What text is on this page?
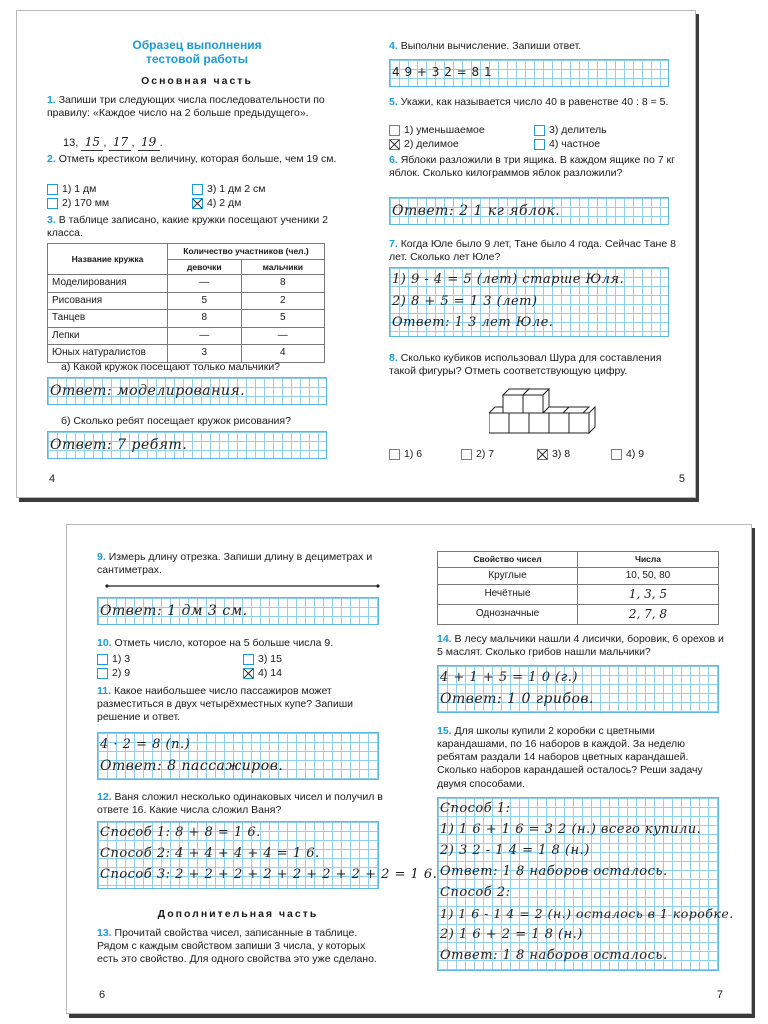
Образец выполнения
тестовой работы
Основная часть
1. Запиши три следующих числа последовательности по правилу: «Каждое число на 2 больше предыдущего».
13, 15 , 17 , 19 .
2. Отметь крестиком величину, которая больше, чем 19 см.
1) 1 дм
2) 170 мм
3) 1 дм 2 см
4) 2 дм
3. В таблице записано, какие кружки посещают ученики 2 класса.
Название кружка	Количество участников (чел.)	
	девочки	мальчики
Моделирования	—	8
Рисования	5	2
Танцев	8	5
Лепки	—	—
Юных натуралистов	3	4
а) Какой кружок посещают только мальчики?
Ответ: моделирования.
б) Сколько ребят посещает кружок рисования?
Ответ: 7 ребят.
4
4. Выполни вычисление. Запиши ответ.
4 9 + 3 2 = 8 1
5. Укажи, как называется число 40 в равенстве 40 : 8 = 5.
1) уменьшаемое
2) делимое
3) делитель
4) частное
6. Яблоки разложили в три ящика. В каждом ящике по 7 кг яблок. Сколько килограммов яблок разложили?
Ответ: 2 1 кг яблок.
7. Когда Юле было 9 лет, Тане было 4 года. Сейчас Тане 8 лет. Сколько лет Юле?
1) 9 - 4 = 5 (лет) старше Юля.
2) 8 + 5 = 1 3 (лет)
Ответ: 1 3 лет Юле.
8. Сколько кубиков использовал Шура для составления такой фигуры? Отметь соответствующую цифру.
1) 6	2) 7	3) 8	4) 9
5
9. Измерь длину отрезка. Запиши длину в дециметрах и сантиметрах.
Ответ: 1 дм 3 см.
10. Отметь число, которое на 5 больше числа 9.
1) 3
2) 9
3) 15
4) 14
11. Какое наибольшее число пассажиров может разместиться в двух четырёхместных купе? Запиши решение и ответ.
4 · 2 = 8 (п.)
Ответ: 8 пассажиров.
12. Ваня сложил несколько одинаковых чисел и получил в ответе 16. Какие числа сложил Ваня?
Способ 1: 8 + 8 = 1 6.
Способ 2: 4 + 4 + 4 + 4 = 1 6.
Способ 3: 2 + 2 + 2 + 2 + 2 + 2 + 2 + 2 = 1 6.
Дополнительная часть
13. Прочитай свойства чисел, записанные в таблице. Рядом с каждым свойством запиши 3 числа, у которых есть это свойство. Для одного свойства это уже сделано.
6
Свойство чисел	Числа
Круглые	10, 50, 80
Нечётные	1, 3, 5
Однозначные	2, 7, 8
14. В лесу мальчики нашли 4 лисички, боровик, 6 орехов и 5 маслят. Сколько грибов нашли мальчики?
4 + 1 + 5 = 1 0 (г.)
Ответ: 1 0 грибов.
15. Для школы купили 2 коробки с цветными карандашами, по 16 наборов в каждой. За неделю ребятам раздали 14 наборов цветных карандашей. Сколько наборов карандашей осталось? Реши задачу двумя способами.
Способ 1:
1) 1 6 + 1 6 = 3 2 (н.) всего купили.
2) 3 2 - 1 4 = 1 8 (н.)
Ответ: 1 8 наборов осталось.
Способ 2:
1) 1 6 - 1 4 = 2 (н.) осталось в 1 коробке.
2) 1 6 + 2 = 1 8 (н.)
Ответ: 1 8 наборов осталось.
7
